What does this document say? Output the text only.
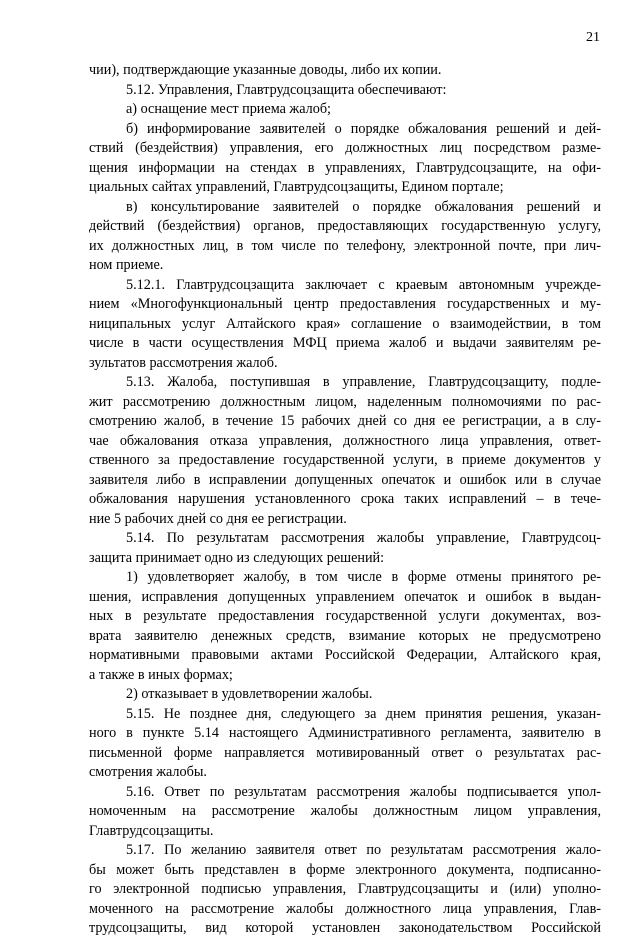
21
чии), подтверждающие указанные доводы, либо их копии.
5.12. Управления, Главтрудсоцзащита обеспечивают:
а) оснащение мест приема жалоб;
б) информирование заявителей о порядке обжалования решений и дей-
ствий (бездействия) управления, его должностных лиц посредством разме-
щения информации на стендах в управлениях, Главтрудсоцзащите, на офи-
циальных сайтах управлений, Главтрудсоцзащиты, Едином портале;
в) консультирование заявителей о порядке обжалования решений и
действий (бездействия) органов, предоставляющих государственную услугу,
их должностных лиц, в том числе по телефону, электронной почте, при лич-
ном приеме.
5.12.1. Главтрудсоцзащита заключает с краевым автономным учрежде-
нием «Многофункциональный центр предоставления государственных и му-
ниципальных услуг Алтайского края» соглашение о взаимодействии, в том
числе в части осуществления МФЦ приема жалоб и выдачи заявителям ре-
зультатов рассмотрения жалоб.
5.13. Жалоба, поступившая в управление, Главтрудсоцзащиту, подле-
жит рассмотрению должностным лицом, наделенным полномочиями по рас-
смотрению жалоб, в течение 15 рабочих дней со дня ее регистрации, а в слу-
чае обжалования отказа управления, должностного лица управления, ответ-
ственного за предоставление государственной услуги, в приеме документов у
заявителя либо в исправлении допущенных опечаток и ошибок или в случае
обжалования нарушения установленного срока таких исправлений – в тече-
ние 5 рабочих дней со дня ее регистрации.
5.14. По результатам рассмотрения жалобы управление, Главтрудсоц-
защита принимает одно из следующих решений:
1) удовлетворяет жалобу, в том числе в форме отмены принятого ре-
шения, исправления допущенных управлением опечаток и ошибок в выдан-
ных в результате предоставления государственной услуги документах, воз-
врата заявителю денежных средств, взимание которых не предусмотрено
нормативными правовыми актами Российской Федерации, Алтайского края,
а также в иных формах;
2) отказывает в удовлетворении жалобы.
5.15. Не позднее дня, следующего за днем принятия решения, указан-
ного в пункте 5.14 настоящего Административного регламента, заявителю в
письменной форме направляется мотивированный ответ о результатах рас-
смотрения жалобы.
5.16. Ответ по результатам рассмотрения жалобы подписывается упол-
номоченным на рассмотрение жалобы должностным лицом управления,
Главтрудсоцзащиты.
5.17. По желанию заявителя ответ по результатам рассмотрения жало-
бы может быть представлен в форме электронного документа, подписанно-
го электронной подписью управления, Главтрудсоцзащиты и (или) уполно-
моченного на рассмотрение жалобы должностного лица управления, Глав-
трудсоцзащиты, вид которой установлен законодательством Российской
